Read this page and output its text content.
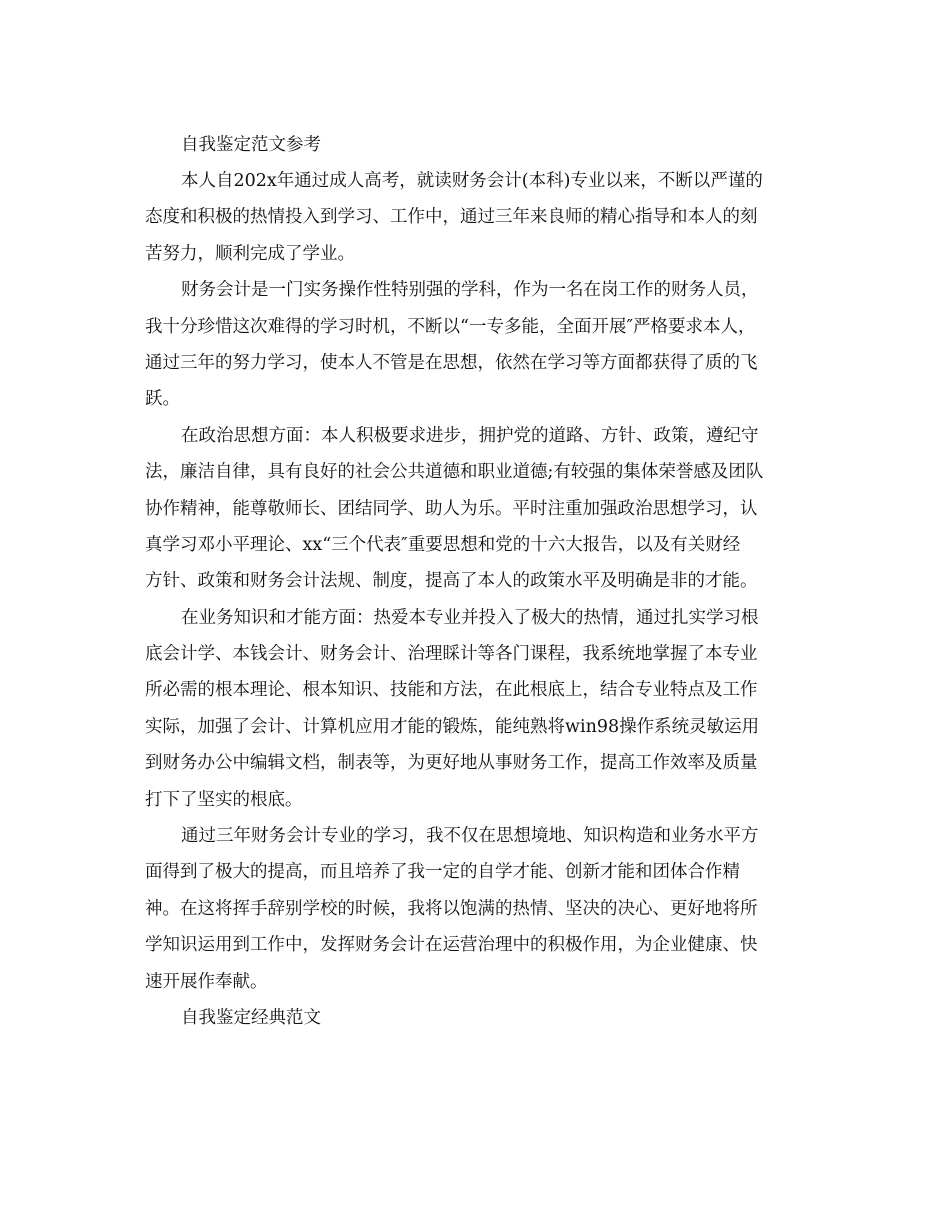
自我鉴定范文参考

本人自202x年通过成人高考，就读财务会计(本科)专业以来，不断以严谨的
态度和积极的热情投入到学习、工作中，通过三年来良师的精心指导和本人的刻
苦努力，顺利完成了学业。

财务会计是一门实务操作性特别强的学科，作为一名在岗工作的财务人员，
我十分珍惜这次难得的学习时机，不断以“一专多能，全面开展″严格要求本人，
通过三年的努力学习，使本人不管是在思想，依然在学习等方面都获得了质的飞
跃。

在政治思想方面：本人积极要求进步，拥护党的道路、方针、政策，遵纪守
法，廉洁自律，具有良好的社会公共道德和职业道德;有较强的集体荣誉感及团队
协作精神，能尊敬师长、团结同学、助人为乐。平时注重加强政治思想学习，认
真学习邓小平理论、xx“三个代表″重要思想和党的十六大报告，以及有关财经
方针、政策和财务会计法规、制度，提高了本人的政策水平及明确是非的才能。

在业务知识和才能方面：热爱本专业并投入了极大的热情，通过扎实学习根
底会计学、本钱会计、财务会计、治理睬计等各门课程，我系统地掌握了本专业
所必需的根本理论、根本知识、技能和方法，在此根底上，结合专业特点及工作
实际，加强了会计、计算机应用才能的锻炼，能纯熟将win98操作系统灵敏运用
到财务办公中编辑文档，制表等，为更好地从事财务工作，提高工作效率及质量
打下了坚实的根底。

通过三年财务会计专业的学习，我不仅在思想境地、知识构造和业务水平方
面得到了极大的提高，而且培养了我一定的自学才能、创新才能和团体合作精
神。在这将挥手辞别学校的时候，我将以饱满的热情、坚决的决心、更好地将所
学知识运用到工作中，发挥财务会计在运营治理中的积极作用，为企业健康、快
速开展作奉献。

自我鉴定经典范文
